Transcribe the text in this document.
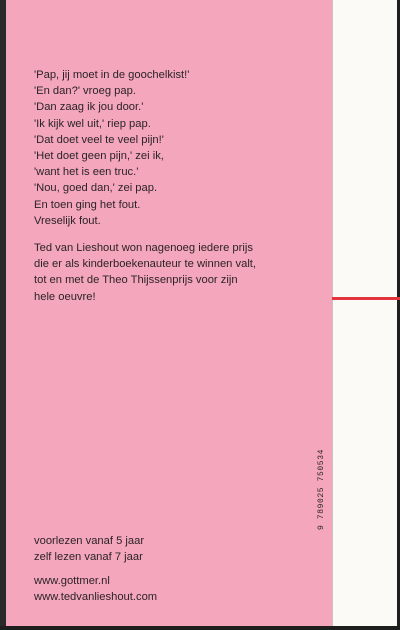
'Pap, jij moet in de goochelkist!'
'En dan?' vroeg pap.
'Dan zaag ik jou door.'
'Ik kijk wel uit,' riep pap.
'Dat doet veel te veel pijn!'
'Het doet geen pijn,' zei ik,
'want het is een truc.'
'Nou, goed dan,' zei pap.
En toen ging het fout.
Vreselijk fout.
Ted van Lieshout won nagenoeg iedere prijs
die er als kinderboekenauteur te winnen valt,
tot en met de Theo Thijssenprijs voor zijn
hele oeuvre!
voorlezen vanaf 5 jaar
zelf lezen vanaf 7 jaar
www.gottmer.nl
www.tedvanlieshout.com
9 789025 750534
